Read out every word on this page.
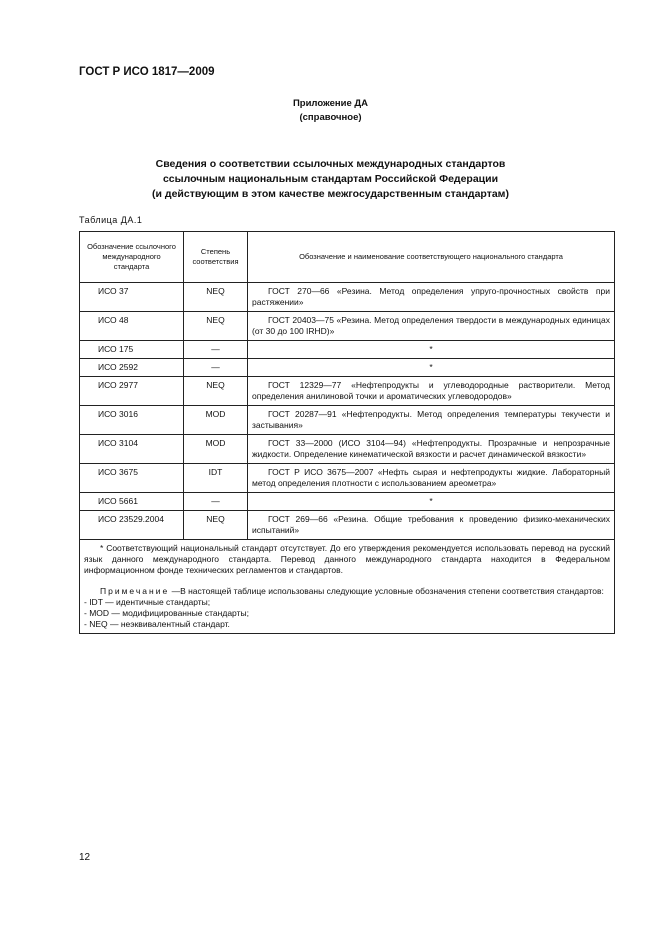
ГОСТ Р ИСО 1817—2009
Приложение ДА
(справочное)
Сведения о соответствии ссылочных международных стандартов
ссылочным национальным стандартам Российской Федерации
(и действующим в этом качестве межгосударственным стандартам)
Таблица ДА.1
Обозначение ссылочного международного стандарта	Степень соответствия	Обозначение и наименование соответствующего национального стандарта
ИСО 37	NEQ	ГОСТ 270—66 «Резина. Метод определения упруго-прочностных свойств при растяжении»
ИСО 48	NEQ	ГОСТ 20403—75 «Резина. Метод определения твердости в международных единицах (от 30 до 100 IRHD)»
ИСО 175	—	*
ИСО 2592	—	*
ИСО 2977	NEQ	ГОСТ 12329—77 «Нефтепродукты и углеводородные растворители. Метод определения анилиновой точки и ароматических углеводородов»
ИСО 3016	MOD	ГОСТ 20287—91 «Нефтепродукты. Метод определения температуры текучести и застывания»
ИСО 3104	MOD	ГОСТ 33—2000 (ИСО 3104—94) «Нефтепродукты. Прозрачные и непрозрачные жидкости. Определение кинематической вязкости и расчет динамической вязкости»
ИСО 3675	IDT	ГОСТ Р ИСО 3675—2007 «Нефть сырая и нефтепродукты жидкие. Лабораторный метод определения плотности с использованием ареометра»
ИСО 5661	—	*
ИСО 23529.2004	NEQ	ГОСТ 269—66 «Резина. Общие требования к проведению физико-механических испытаний»

* Соответствующий национальный стандарт отсутствует. До его утверждения рекомендуется использовать перевод на русский язык данного международного стандарта. Перевод данного международного стандарта находится в Федеральном информационном фонде технических регламентов и стандартов.

Примечание —В настоящей таблице использованы следующие условные обозначения степени соответствия стандартов:

- IDT — идентичные стандарты;
- MOD — модифицированные стандарты;
- NEQ — неэквивалентный стандарт.		
12
